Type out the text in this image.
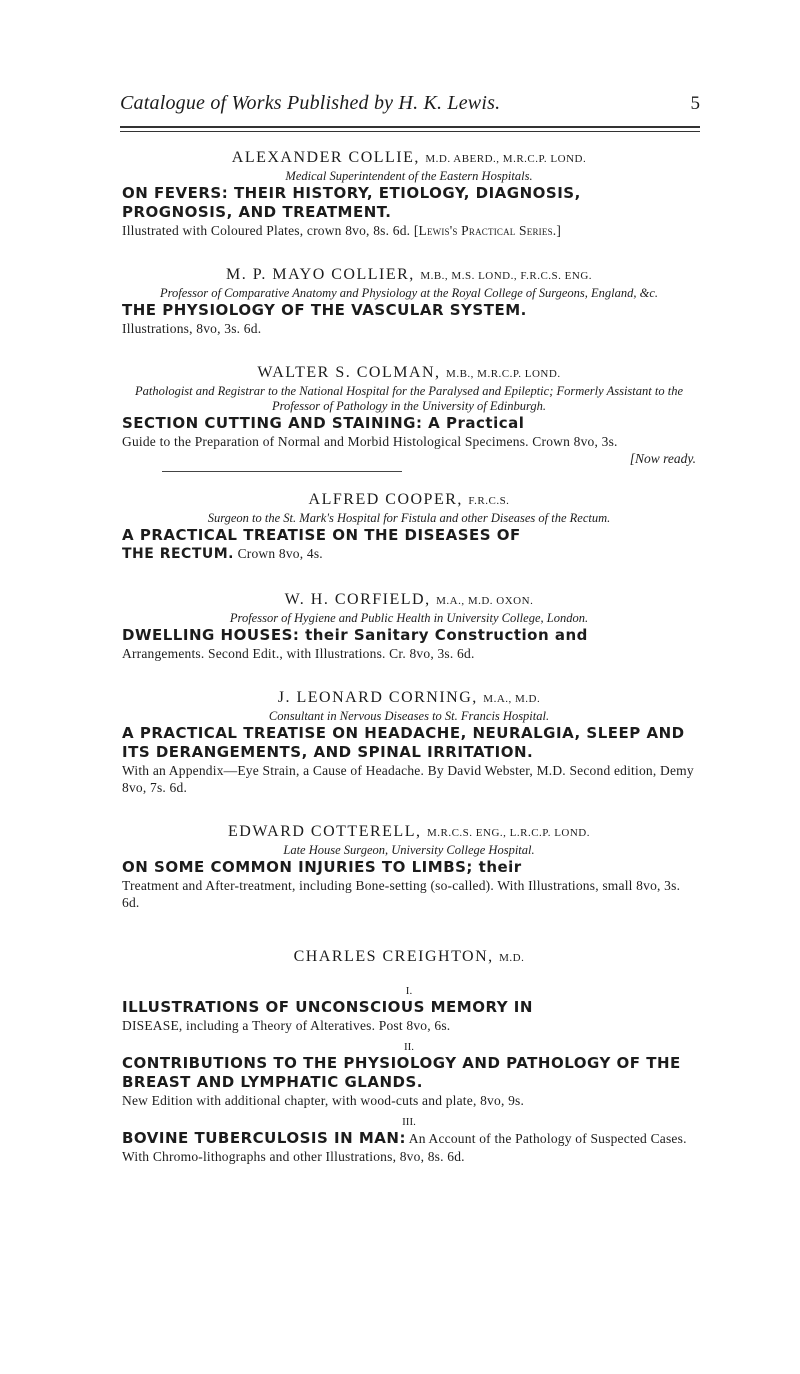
Catalogue of Works Published by H. K. Lewis.	5
ALEXANDER COLLIE, M.D. ABERD., M.R.C.P. LOND.
Medical Superintendent of the Eastern Hospitals.
ON FEVERS: THEIR HISTORY, ETIOLOGY, DIAGNOSIS, PROGNOSIS, AND TREATMENT.
Illustrated with Coloured Plates, crown 8vo, 8s. 6d. [Lewis's Practical Series.]
M. P. MAYO COLLIER, M.B., M.S. LOND., F.R.C.S. ENG.
Professor of Comparative Anatomy and Physiology at the Royal College of Surgeons, England, &c.
THE PHYSIOLOGY OF THE VASCULAR SYSTEM.
Illustrations, 8vo, 3s. 6d.
WALTER S. COLMAN, M.B., M.R.C.P. LOND.
Pathologist and Registrar to the National Hospital for the Paralysed and Epileptic; Formerly Assistant to the Professor of Pathology in the University of Edinburgh.
SECTION CUTTING AND STAINING: A Practical
Guide to the Preparation of Normal and Morbid Histological Specimens. Crown 8vo, 3s.
[Now ready.
ALFRED COOPER, F.R.C.S.
Surgeon to the St. Mark's Hospital for Fistula and other Diseases of the Rectum.
A PRACTICAL TREATISE ON THE DISEASES OF
THE RECTUM. Crown 8vo, 4s.
W. H. CORFIELD, M.A., M.D. OXON.
Professor of Hygiene and Public Health in University College, London.
DWELLING HOUSES: their Sanitary Construction and
Arrangements. Second Edit., with Illustrations. Cr. 8vo, 3s. 6d.
J. LEONARD CORNING, M.A., M.D.
Consultant in Nervous Diseases to St. Francis Hospital.
A PRACTICAL TREATISE ON HEADACHE, NEURALGIA, SLEEP AND ITS DERANGEMENTS, AND SPINAL IRRITATION.
With an Appendix—Eye Strain, a Cause of Headache. By David Webster, M.D. Second edition, Demy 8vo, 7s. 6d.
EDWARD COTTERELL, M.R.C.S. ENG., L.R.C.P. LOND.
Late House Surgeon, University College Hospital.
ON SOME COMMON INJURIES TO LIMBS; their
Treatment and After-treatment, including Bone-setting (so-called). With Illustrations, small 8vo, 3s. 6d.
CHARLES CREIGHTON, M.D.
I.
ILLUSTRATIONS OF UNCONSCIOUS MEMORY IN
DISEASE, including a Theory of Alteratives. Post 8vo, 6s.
II.
CONTRIBUTIONS TO THE PHYSIOLOGY AND PATHOLOGY OF THE BREAST AND LYMPHATIC GLANDS.
New Edition with additional chapter, with wood-cuts and plate, 8vo, 9s.
III.
BOVINE TUBERCULOSIS IN MAN: An Account of the Pathology of Suspected Cases. With Chromo-lithographs and other Illustrations, 8vo, 8s. 6d.
